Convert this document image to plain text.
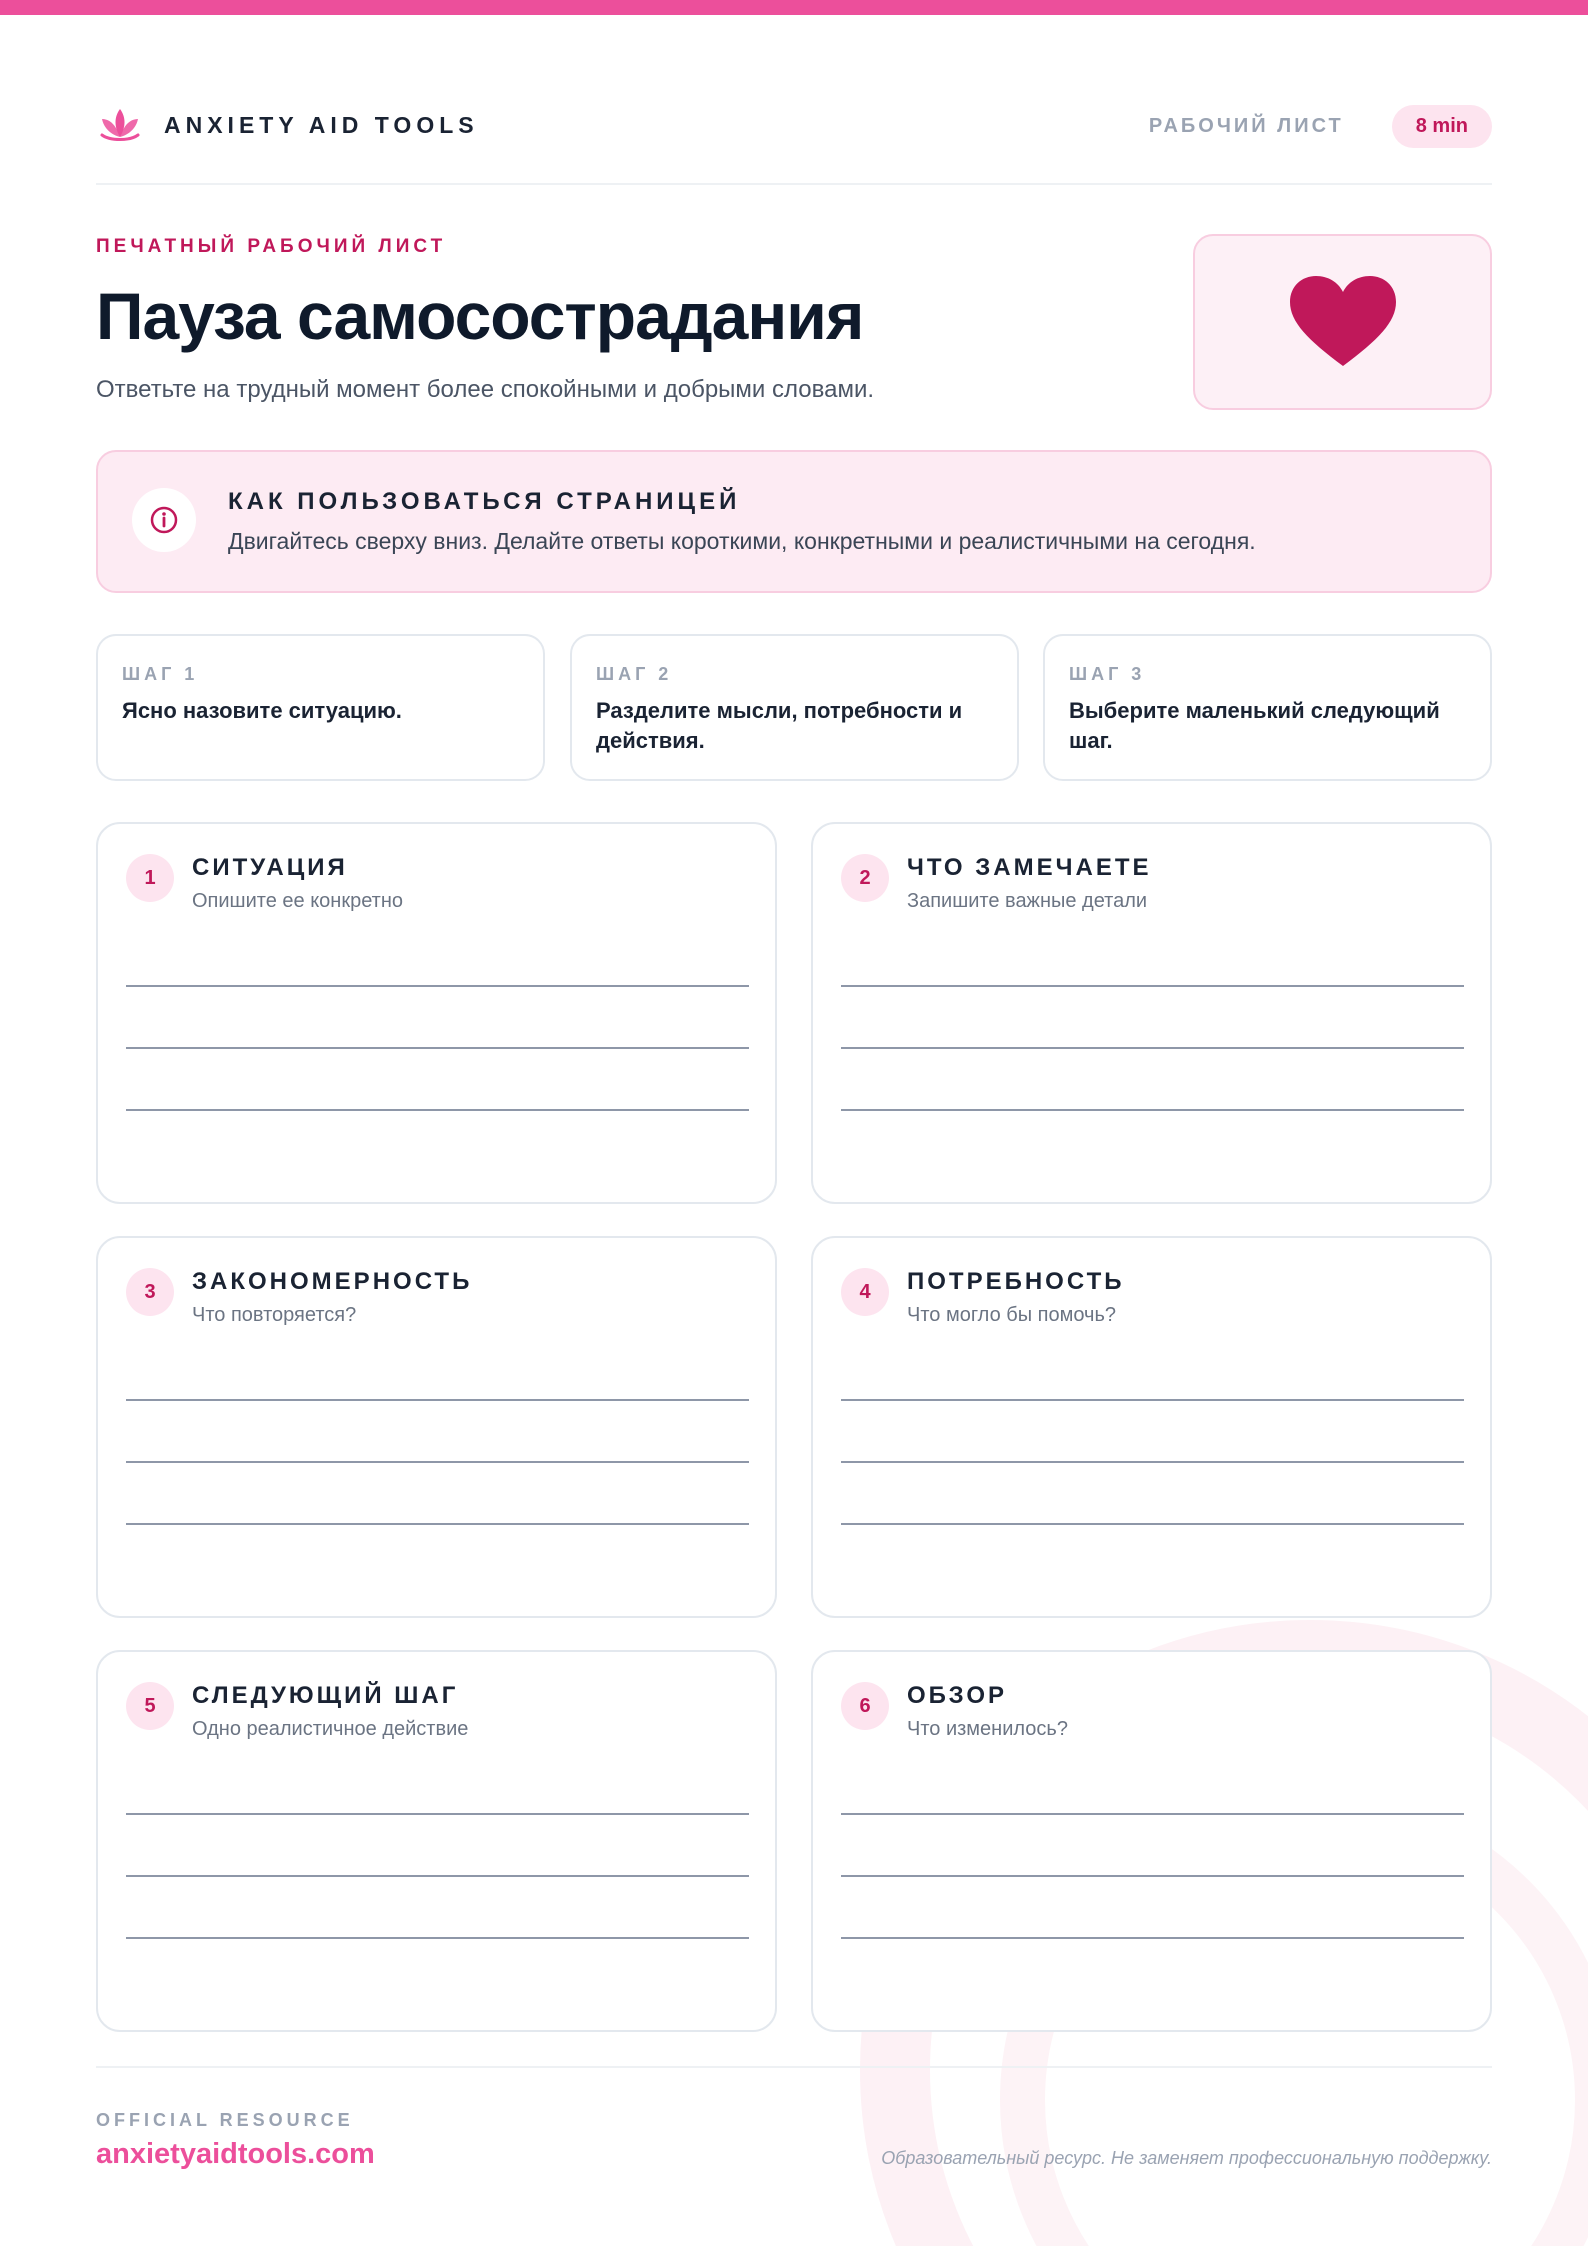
ANXIETY AID TOOLS	РАБОЧИЙ ЛИСТ	8 min
ПЕЧАТНЫЙ РАБОЧИЙ ЛИСТ
Пауза самосострадания

Ответьте на трудный момент более спокойными и добрыми словами.

КАК ПОЛЬЗОВАТЬСЯ СТРАНИЦЕЙ
Двигайтесь сверху вниз. Делайте ответы короткими, конкретными и реалистичными на сегодня.
ШАГ 1
Ясно назовите ситуацию.
ШАГ 2
Разделите мысли, потребности и действия.
ШАГ 3
Выберите маленький следующий шаг.
1	СИТУАЦИЯ
Опишите ее конкретно
2	ЧТО ЗАМЕЧАЕТЕ
Запишите важные детали
3	ЗАКОНОМЕРНОСТЬ
Что повторяется?
4	ПОТРЕБНОСТЬ
Что могло бы помочь?
5	СЛЕДУЮЩИЙ ШАГ
Одно реалистичное действие
6	ОБЗОР
Что изменилось?
OFFICIAL RESOURCE
anxietyaidtools.com	Образовательный ресурс. Не заменяет профессиональную поддержку.
